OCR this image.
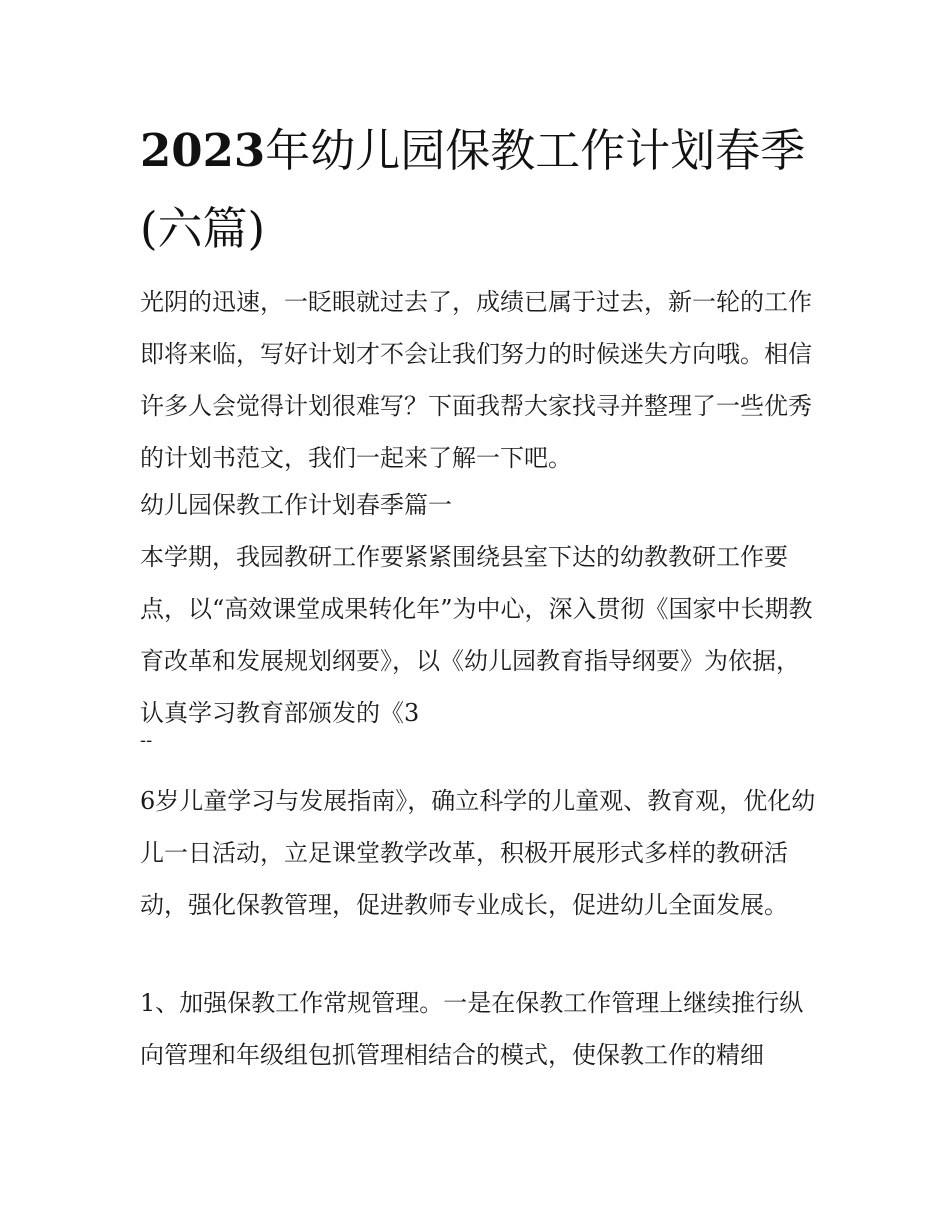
2023年幼儿园保教工作计划春季(六篇)

光阴的迅速，一眨眼就过去了，成绩已属于过去，新一轮的工作即将来临，写好计划才不会让我们努力的时候迷失方向哦。相信许多人会觉得计划很难写？下面我帮大家找寻并整理了一些优秀的计划书范文，我们一起来了解一下吧。

幼儿园保教工作计划春季篇一

本学期，我园教研工作要紧紧围绕县室下达的幼教教研工作要点，以“高效课堂成果转化年”为中心，深入贯彻《国家中长期教育改革和发展规划纲要》，以《幼儿园教育指导纲要》为依据，认真学习教育部颁发的《3

--

6岁儿童学习与发展指南》，确立科学的儿童观、教育观，优化幼儿一日活动，立足课堂教学改革，积极开展形式多样的教研活动，强化保教管理，促进教师专业成长，促进幼儿全面发展。

1、加强保教工作常规管理。一是在保教工作管理上继续推行纵向管理和年级组包抓管理相结合的模式，使保教工作的精细
